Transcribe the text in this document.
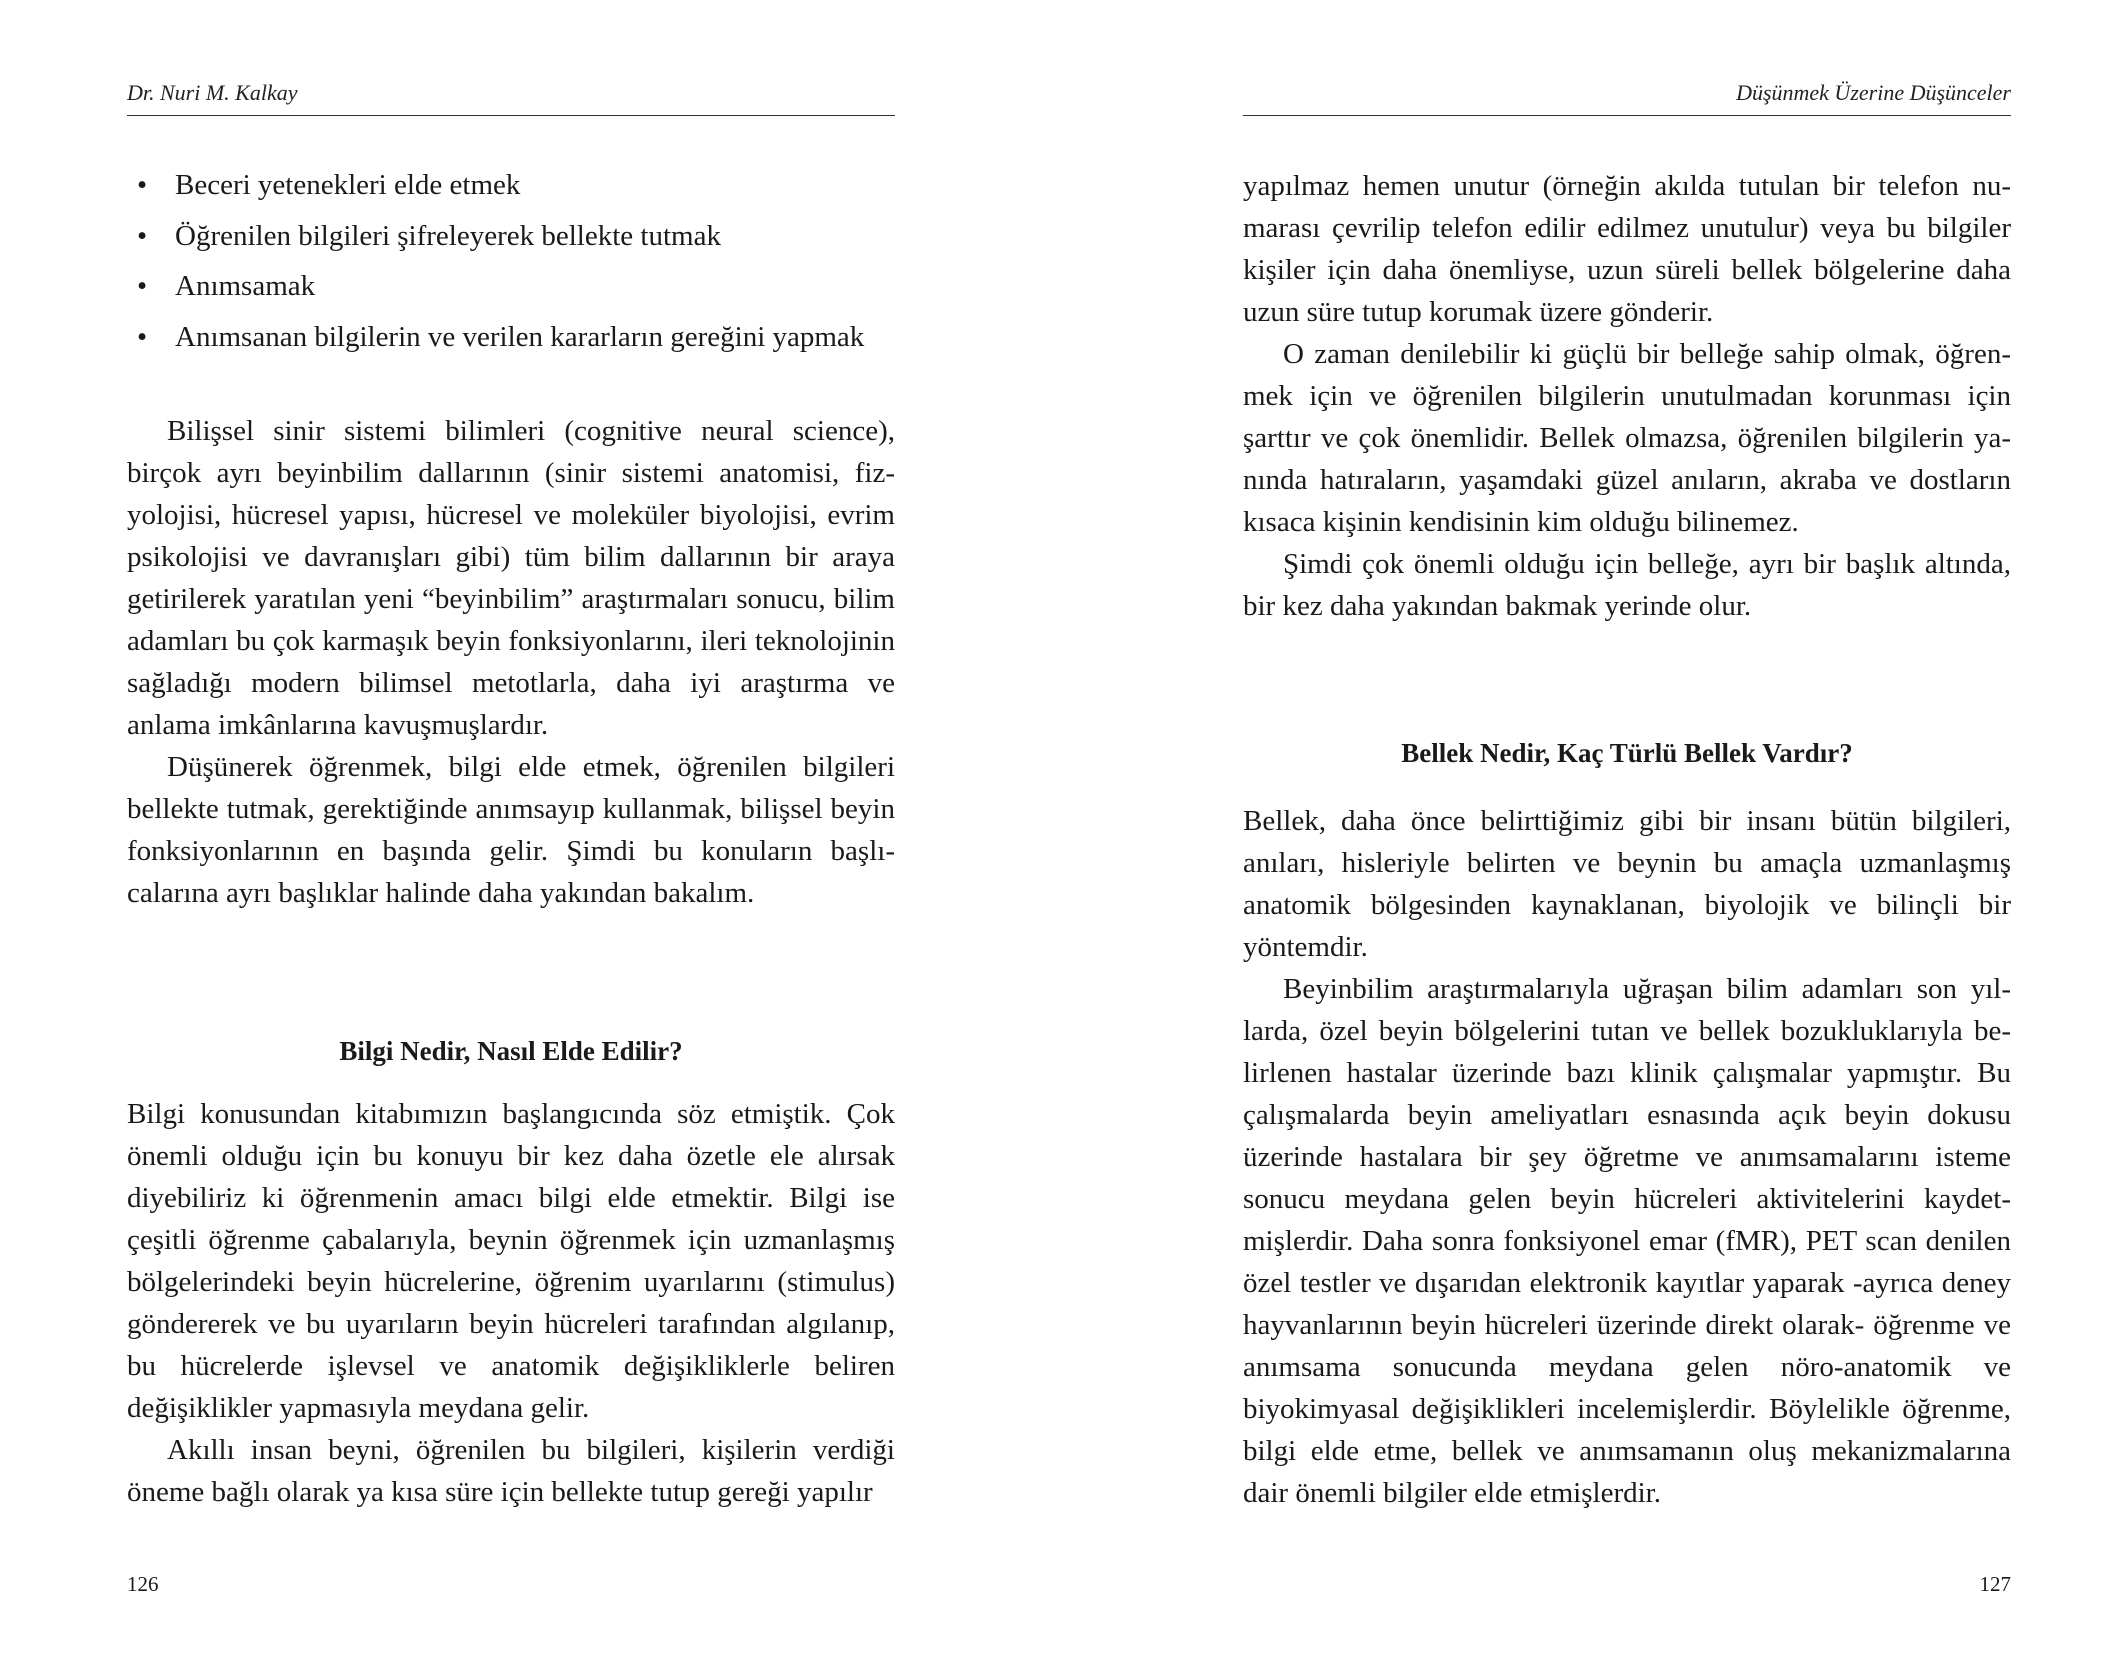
Dr. Nuri M. Kalkay
• Beceri yetenekleri elde etmek
• Öğrenilen bilgileri şifreleyerek bellekte tutmak
• Anımsamak
• Anımsanan bilgilerin ve verilen kararların gereğini yapmak

Bilişsel sinir sistemi bilimleri (cognitive neural science), birçok ayrı beyinbilim dallarının (sinir sistemi anatomisi, fizyolojisi, hücresel yapısı, hücresel ve moleküler biyolojisi, evrim psikolojisi ve davranışları gibi) tüm bilim dallarının bir araya getirilerek yaratılan yeni “beyinbilim” araştırmaları sonucu, bilim adamları bu çok karmaşık beyin fonksiyonlarını, ileri teknolojinin sağladığı modern bilimsel metotlarla, daha iyi araştırma ve anlama imkânlarına kavuşmuşlardır.

Düşünerek öğrenmek, bilgi elde etmek, öğrenilen bilgileri bellekte tutmak, gerektiğinde anımsayıp kullanmak, bilişsel beyin fonksiyonlarının en başında gelir. Şimdi bu konuların başlıcalarına ayrı başlıklar halinde daha yakından bakalım.

Bilgi Nedir, Nasıl Elde Edilir?

Bilgi konusundan kitabımızın başlangıcında söz etmiştik. Çok önemli olduğu için bu konuyu bir kez daha özetle ele alırsak diyebiliriz ki öğrenmenin amacı bilgi elde etmektir. Bilgi ise çeşitli öğrenme çabalarıyla, beynin öğrenmek için uzmanlaşmış bölgelerindeki beyin hücrelerine, öğrenim uyarılarını (stimulus) göndererek ve bu uyarıların beyin hücreleri tarafından algılanıp, bu hücrelerde işlevsel ve anatomik değişikliklerle beliren değişiklikler yapmasıyla meydana gelir.

Akıllı insan beyni, öğrenilen bu bilgileri, kişilerin verdiği öneme bağlı olarak ya kısa süre için bellekte tutup gereği yapılır

126
Düşünmek Üzerine Düşünceler

yapılmaz hemen unutur (örneğin akılda tutulan bir telefon numarası çevrilip telefon edilir edilmez unutulur) veya bu bilgiler kişiler için daha önemliyse, uzun süreli bellek bölgelerine daha uzun süre tutup korumak üzere gönderir.

O zaman denilebilir ki güçlü bir belleğe sahip olmak, öğrenmek için ve öğrenilen bilgilerin unutulmadan korunması için şarttır ve çok önemlidir. Bellek olmazsa, öğrenilen bilgilerin yanında hatıraların, yaşamdaki güzel anıların, akraba ve dostların kısaca kişinin kendisinin kim olduğu bilinemez.

Şimdi çok önemli olduğu için belleğe, ayrı bir başlık altında, bir kez daha yakından bakmak yerinde olur.

Bellek Nedir, Kaç Türlü Bellek Vardır?

Bellek, daha önce belirttiğimiz gibi bir insanı bütün bilgileri, anıları, hisleriyle belirten ve beynin bu amaçla uzmanlaşmış anatomik bölgesinden kaynaklanan, biyolojik ve bilinçli bir yöntemdir.

Beyinbilim araştırmalarıyla uğraşan bilim adamları son yıllarda, özel beyin bölgelerini tutan ve bellek bozukluklarıyla belirlenen hastalar üzerinde bazı klinik çalışmalar yapmıştır. Bu çalışmalarda beyin ameliyatları esnasında açık beyin dokusu üzerinde hastalara bir şey öğretme ve anımsamalarını isteme sonucu meydana gelen beyin hücreleri aktivitelerini kaydetmişlerdir. Daha sonra fonksiyonel emar (fMR), PET scan denilen özel testler ve dışarıdan elektronik kayıtlar yaparak -ayrıca deney hayvanlarının beyin hücreleri üzerinde direkt olarak- öğrenme ve anımsama sonucunda meydana gelen nöro-anatomik ve biyokimyasal değişiklikleri incelemişlerdir. Böylelikle öğrenme, bilgi elde etme, bellek ve anımsamanın oluş mekanizmalarına dair önemli bilgiler elde etmişlerdir.

127
